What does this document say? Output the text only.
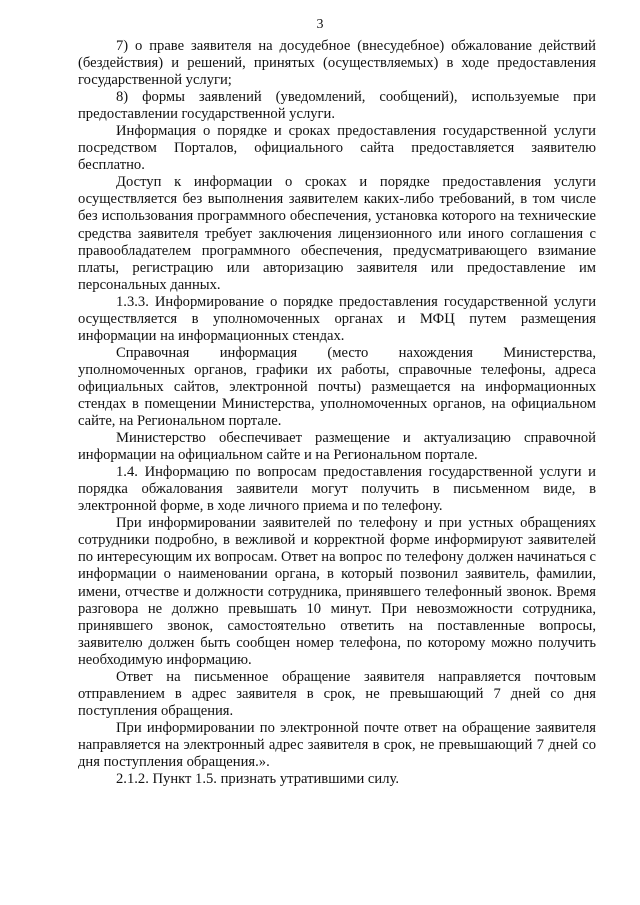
3

7) о праве заявителя на досудебное (внесудебное) обжалование действий (бездействия) и решений, принятых (осуществляемых) в ходе предоставления государственной услуги;

8) формы заявлений (уведомлений, сообщений), используемые при предоставлении государственной услуги.

Информация о порядке и сроках предоставления государственной услуги посредством Порталов, официального сайта предоставляется заявителю бесплатно.

Доступ к информации о сроках и порядке предоставления услуги осуществляется без выполнения заявителем каких-либо требований, в том числе без использования программного обеспечения, установка которого на технические средства заявителя требует заключения лицензионного или иного соглашения с правообладателем программного обеспечения, предусматривающего взимание платы, регистрацию или авторизацию заявителя или предоставление им персональных данных.

1.3.3. Информирование о порядке предоставления государственной услуги осуществляется в уполномоченных органах и МФЦ путем размещения информации на информационных стендах.

Справочная информация (место нахождения Министерства, уполномоченных органов, графики их работы, справочные телефоны, адреса официальных сайтов, электронной почты) размещается на информационных стендах в помещении Министерства, уполномоченных органов, на официальном сайте, на Региональном портале.

Министерство обеспечивает размещение и актуализацию справочной информации на официальном сайте и на Региональном портале.

1.4. Информацию по вопросам предоставления государственной услуги и порядка обжалования заявители могут получить в письменном виде, в электронной форме, в ходе личного приема и по телефону.

При информировании заявителей по телефону и при устных обращениях сотрудники подробно, в вежливой и корректной форме информируют заявителей по интересующим их вопросам. Ответ на вопрос по телефону должен начинаться с информации о наименовании органа, в который позвонил заявитель, фамилии, имени, отчестве и должности сотрудника, принявшего телефонный звонок. Время разговора не должно превышать 10 минут. При невозможности сотрудника, принявшего звонок, самостоятельно ответить на поставленные вопросы, заявителю должен быть сообщен номер телефона, по которому можно получить необходимую информацию.

Ответ на письменное обращение заявителя направляется почтовым отправлением в адрес заявителя в срок, не превышающий 7 дней со дня поступления обращения.

При информировании по электронной почте ответ на обращение заявителя направляется на электронный адрес заявителя в срок, не превышающий 7 дней со дня поступления обращения.».

2.1.2. Пункт 1.5. признать утратившими силу.
